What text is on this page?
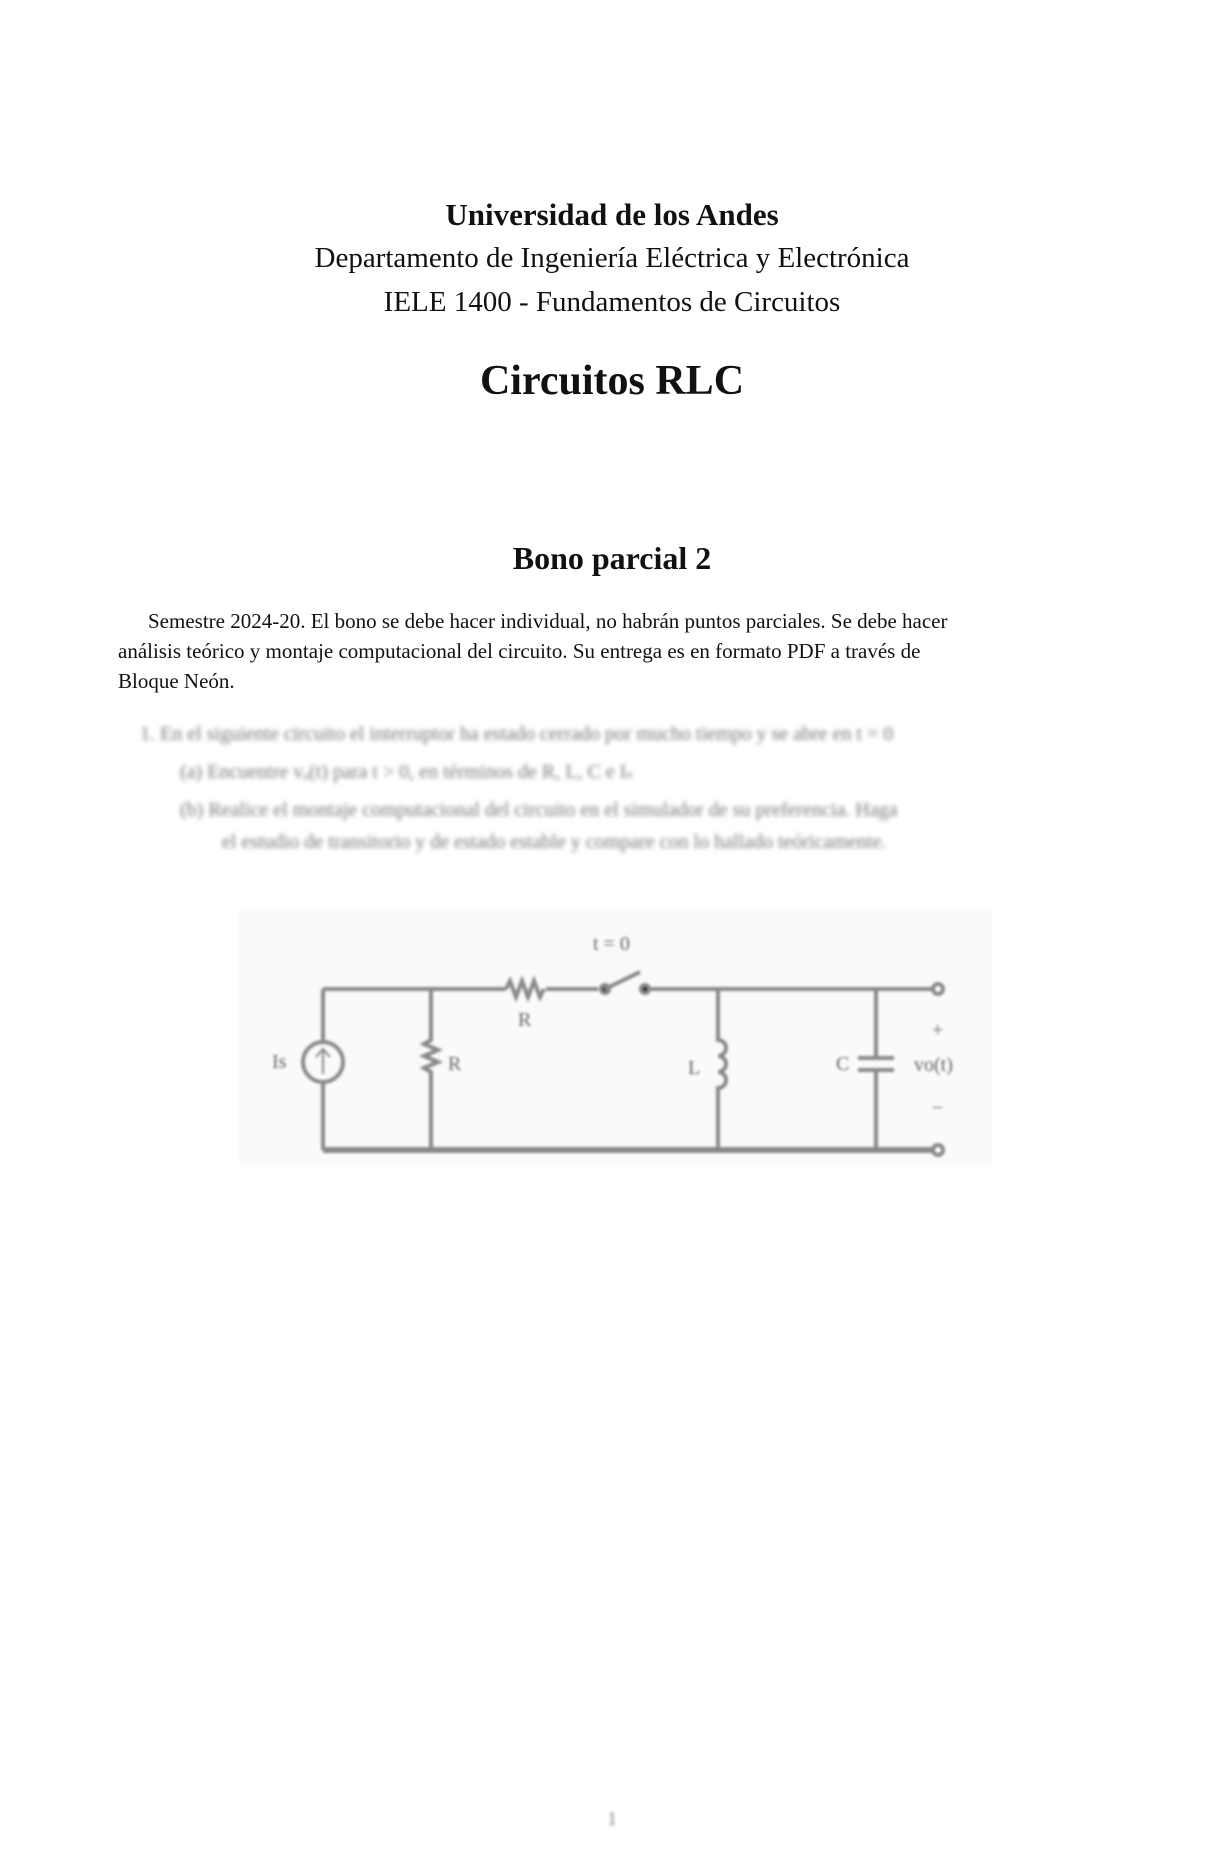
Universidad de los Andes
Departamento de Ingeniería Eléctrica y Electrónica
IELE 1400 - Fundamentos de Circuitos
Circuitos RLC
Bono parcial 2
Semestre 2024-20. El bono se debe hacer individual, no habrán puntos parciales. Se debe hacer
análisis teórico y montaje computacional del circuito. Su entrega es en formato PDF a través de
Bloque Neón.
1. En el siguiente circuito el interruptor ha estado cerrado por mucho tiempo y se abre en t = 0
(a) Encuentre vₒ(t) para t > 0, en términos de R, L, C e Iₛ
(b) Realice el montaje computacional del circuito en el simulador de su preferencia. Haga
el estudio de transitorio y de estado estable y compare con lo hallado teóricamente.
Is	R
R
t = 0
L	C
+
vo(t)
−
1
